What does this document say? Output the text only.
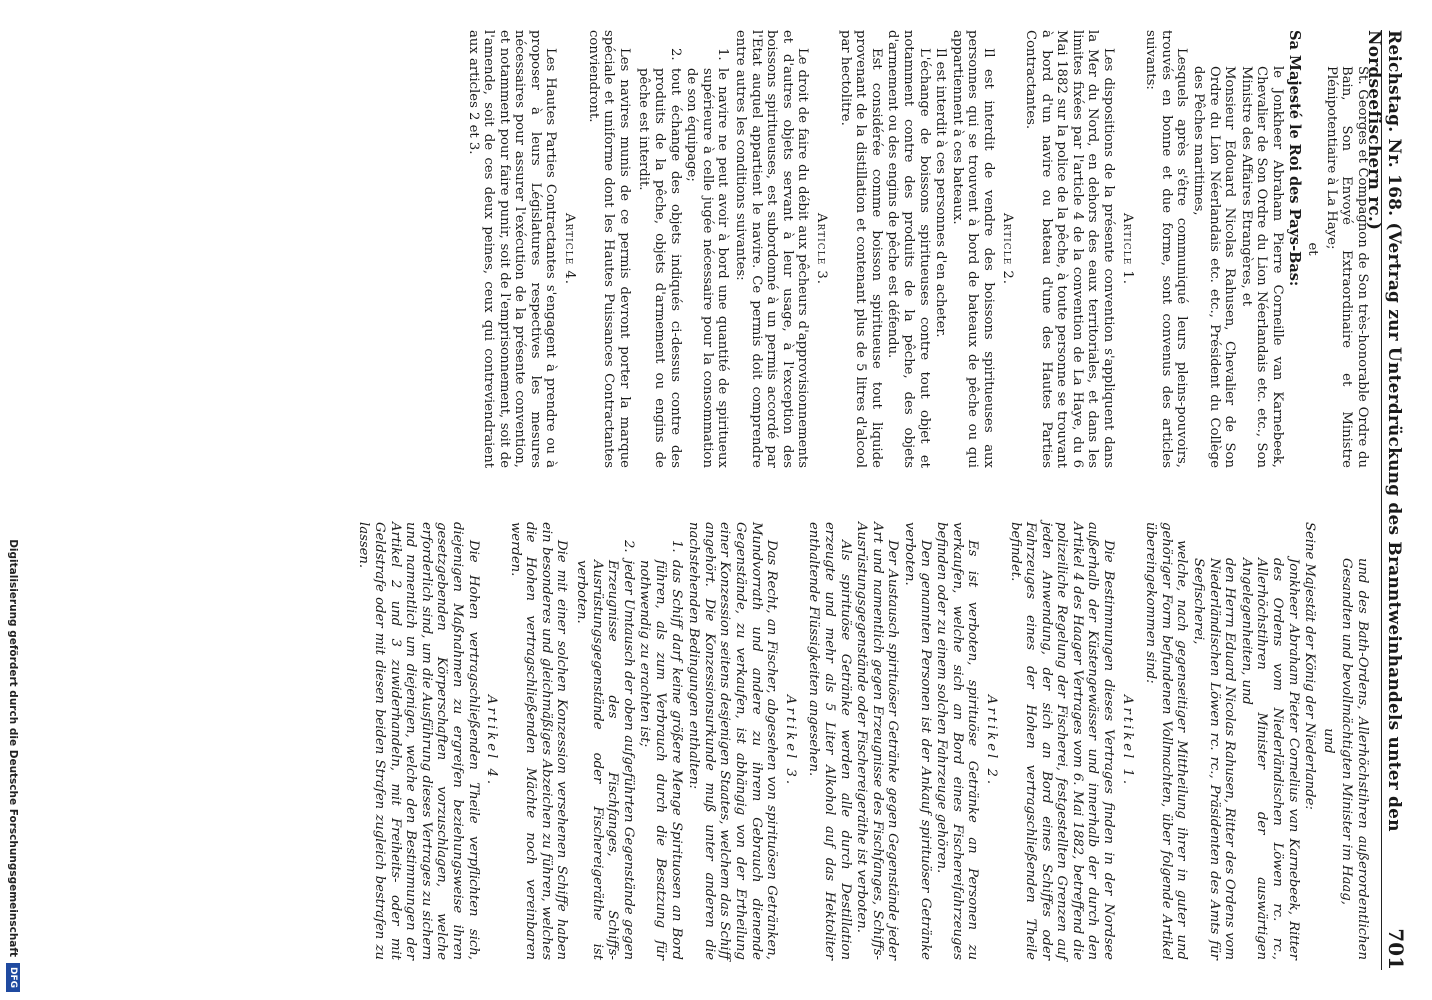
Reichstag. Nr. 168. (Vertrag zur Unterdrückung des Branntweinhandels unter den Nordseefischern rc.)
701
St. Georges et Compagnon de Son très-honorable Ordre du Bain, Son Envoyé Extraordinaire et Ministre Plénipotentiaire à La Haye;
et
Sa Majesté le Roi des Pays-Bas:
le Jonkheer Abraham Pierre Corneille van Karnebeek, Chevalier de Son Ordre du Lion Néerlandais etc. etc., Son Ministre des Affaires Etrangères, et
Monsieur Edouard Nicolas Rahusen, Chevalier de Son Ordre du Lion Néerlandais etc. etc., Président du Collège des Pêches maritimes,
Lesquels après s'être communiqué leurs pleins-pouvoirs, trouvés en bonne et due forme, sont convenus des articles suivants:
Article 1.
Les dispositions de la présente convention s'appliquent dans la Mer du Nord, en dehors des eaux territoriales, et dans les limites fixées par l'article 4 de la convention de La Haye, du 6 Mai 1882 sur la police de la pêche, à toute personne se trouvant à bord d'un navire ou bateau d'une des Hautes Parties Contractantes.
Article 2.
Il est interdit de vendre des boissons spiritueuses aux personnes qui se trouvent à bord de bateaux de pêche ou qui appartiennent à ces bateaux.
Il est interdit à ces personnes d'en acheter.
L'échange de boissons spiritueuses contre tout objet et notamment contre des produits de la pêche, des objets d'armement ou des engins de pêche est défendu.
Est considérée comme boisson spiritueuse tout liquide provenant de la distillation et contenant plus de 5 litres d'alcool par hectolitre.
Article 3.
Le droit de faire du débit aux pêcheurs d'approvisionnements et d'autres objets servant à leur usage, à l'exception des boissons spiritueuses, est subordonné à un permis accordé par l'Etat auquel appartient le navire. Ce permis doit comprendre entre autres les conditions suivantes:
1.le navire ne peut avoir à bord une quantité de spiritueux supérieure à celle jugée nécessaire pour la consommation de son équipage;
2.tout échange des objets indiqués ci-dessus contre des produits de la pêche, objets d'armement ou engins de pêche est interdit.
Les navires munis de ce permis devront porter la marque spéciale et uniforme dont les Hautes Puissances Contractantes conviendront.
Article 4.
Les Hautes Parties Contractantes s'engagent à prendre ou à proposer à leurs Législatures respectives les mesures nécessaires pour assurer l'exécution de la présente convention, et notamment pour faire punir, soit de l'emprisonnement, soit de l'amende, soit de ces deux peines, ceux qui contreviendraient aux articles 2 et 3.
und des Bath-Ordens, Allerhöchstihren außerordentlichen Gesandten und bevollmächtigten Minister im Haag,
und
Seine Majestät der König der Niederlande:
Jonkheer Abraham Pieter Cornelius van Karnebeek, Ritter des Ordens vom Niederländischen Löwen rc. rc., Allerhöchstihren Minister der auswärtigen Angelegenheiten, und
den Herrn Eduard Nicolas Rahusen, Ritter des Ordens vom Niederländischen Löwen rc. rc., Präsidenten des Amts für Seefischerei,
welche, nach gegenseitiger Mittheilung ihrer in guter und gehöriger Form befundenen Vollmachten, über folgende Artikel übereingekommen sind:
Artikel 1.
Die Bestimmungen dieses Vertrages finden in der Nordsee außerhalb der Küstengewässer und innerhalb der durch den Artikel 4 des Haager Vertrages vom 6. Mai 1882, betreffend die polizeiliche Regelung der Fischerei, festgestellten Grenzen auf jeden Anwendung, der sich an Bord eines Schiffes oder Fahrzeuges eines der Hohen vertragschließenden Theile befindet.
Artikel 2.
Es ist verboten, spirituöse Getränke an Personen zu verkaufen, welche sich an Bord eines Fischereifahrzeuges befinden oder zu einem solchen Fahrzeuge gehören.
Den genannten Personen ist der Ankauf spirituöser Getränke verboten.
Der Austausch spirituöser Getränke gegen Gegenstände jeder Art und namentlich gegen Erzeugnisse des Fischfanges, Schiffs-Ausrüstungsgegenstände oder Fischereigeräthe ist verboten.
Als spirituöse Getränke werden alle durch Destillation erzeugte und mehr als 5 Liter Alkohol auf das Hektoliter enthaltende Flüssigkeiten angesehen.
Artikel 3.
Das Recht, an Fischer, abgesehen von spirituösen Getränken, Mundvorrath und andere zu ihrem Gebrauch dienende Gegenstände, zu verkaufen, ist abhängig von der Ertheilung einer Konzession seitens desjenigen Staates, welchem das Schiff angehört. Die Konzessionsurkunde muß unter anderen die nachstehenden Bedingungen enthalten:
1.das Schiff darf keine größere Menge Spirituosen an Bord führen, als zum Verbrauch durch die Besatzung für nothwendig zu erachten ist;
2.jeder Umtausch der oben aufgeführten Gegenstände gegen Erzeugnisse des Fischfanges, Schiffs-Ausrüstungsgegenstände oder Fischereigeräthe ist verboten.
Die mit einer solchen Konzession versehenen Schiffe haben ein besonderes und gleichmäßiges Abzeichen zu führen, welches die Hohen vertragschließenden Mächte noch vereinbaren werden.
Artikel 4.
Die Hohen vertragschließenden Theile verpflichten sich, diejenigen Maßnahmen zu ergreifen beziehungsweise ihren gesetzgebenden Körperschaften vorzuschlagen, welche erforderlich sind, um die Ausführung dieses Vertrages zu sichern und namentlich um diejenigen, welche den Bestimmungen der Artikel 2 und 3 zuwiderhandeln, mit Freiheits- oder mit Geldstrafe oder mit diesen beiden Strafen zugleich bestrafen zu lassen.
Digitalisierung gefördert durch die Deutsche Forschungsgemeinschaft
DFG
